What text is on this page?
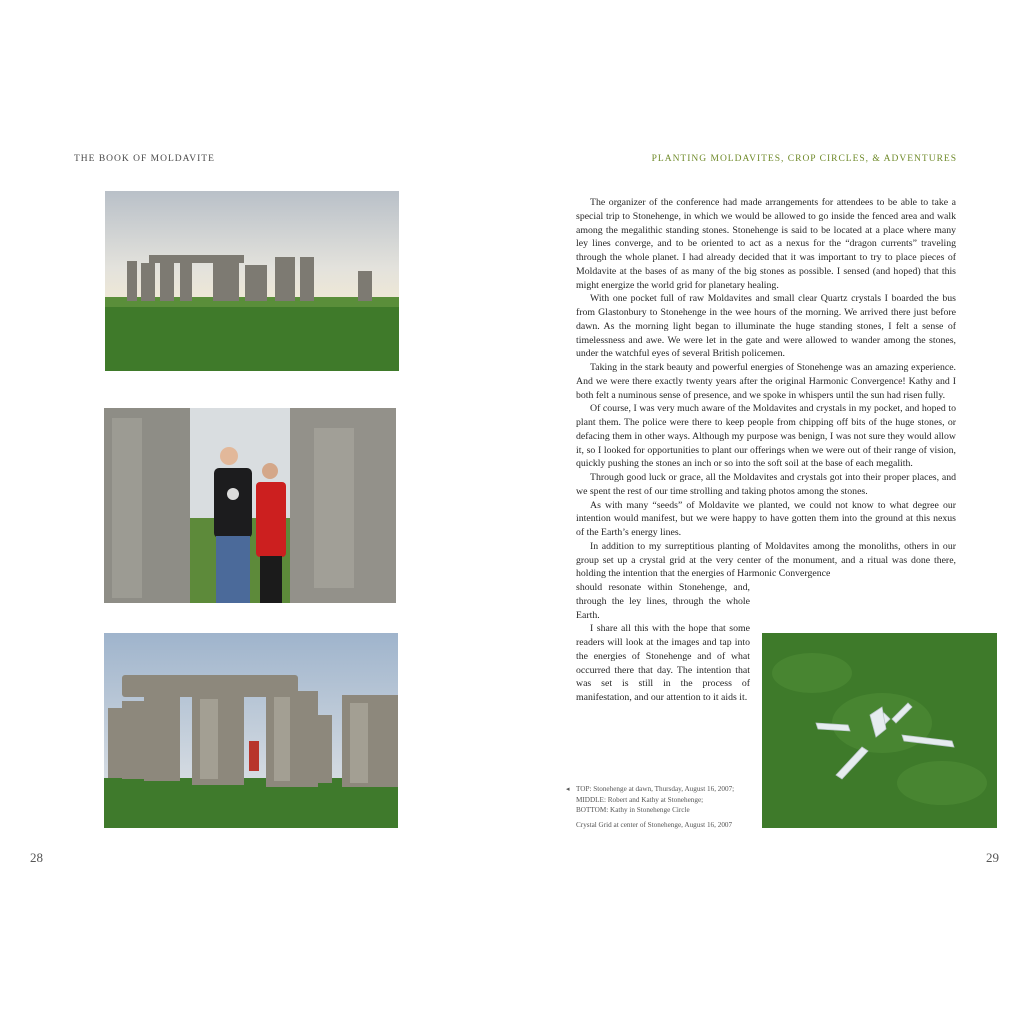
THE BOOK OF MOLDAVITE	PLANTING MOLDAVITES, CROP CIRCLES, & ADVENTURES

The organizer of the conference had made arrangements for attendees to be able to take a special trip to Stonehenge, in which we would be allowed to go inside the fenced area and walk among the megalithic standing stones. Stonehenge is said to be located at a place where many ley lines converge, and to be oriented to act as a nexus for the “dragon currents” traveling through the whole planet. I had already decided that it was important to try to place pieces of Moldavite at the bases of as many of the big stones as possible. I sensed (and hoped) that this might energize the world grid for planetary healing.

With one pocket full of raw Moldavites and small clear Quartz crystals I boarded the bus from Glastonbury to Stonehenge in the wee hours of the morning. We arrived there just before dawn. As the morning light began to illuminate the huge standing stones, I felt a sense of timelessness and awe. We were let in the gate and were allowed to wander among the stones, under the watchful eyes of several British policemen.

Taking in the stark beauty and powerful energies of Stonehenge was an amazing experience. And we were there exactly twenty years after the original Harmonic Convergence! Kathy and I both felt a numinous sense of presence, and we spoke in whispers until the sun had risen fully.

Of course, I was very much aware of the Moldavites and crystals in my pocket, and hoped to plant them. The police were there to keep people from chipping off bits of the huge stones, or defacing them in other ways. Although my purpose was benign, I was not sure they would allow it, so I looked for opportunities to plant our offerings when we were out of their range of vision, quickly pushing the stones an inch or so into the soft soil at the base of each megalith.

Through good luck or grace, all the Moldavites and crystals got into their proper places, and we spent the rest of our time strolling and taking photos among the stones.

As with many “seeds” of Moldavite we planted, we could not know to what degree our intention would manifest, but we were happy to have gotten them into the ground at this nexus of the Earth’s energy lines.

In addition to my surreptitious planting of Moldavites among the monoliths, others in our group set up a crystal grid at the very center of the monument, and a ritual was done there, holding the intention that the energies of Harmonic Convergence

should resonate within Stonehenge, and, through the ley lines, through the whole Earth.

I share all this with the hope that some readers will look at the images and tap into the energies of Stonehenge and of what occurred there that day. The intention that was set is still in the process of manifestation, and our attention to it aids it.

◂ TOP: Stonehenge at dawn, Thursday, August 16, 2007;
MIDDLE: Robert and Kathy at Stonehenge;
BOTTOM: Kathy in Stonehenge Circle
Crystal Grid at center of Stonehenge, August 16, 2007
28	29
